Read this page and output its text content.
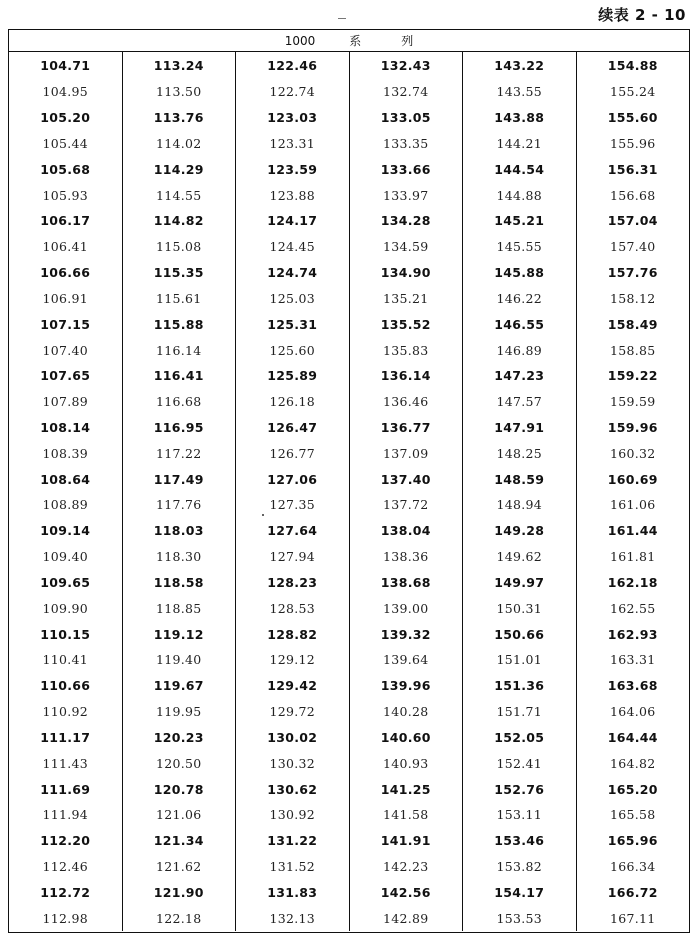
续表 2 - 10
1000	系	列
104.71
104.95
105.20
105.44
105.68
105.93
106.17
106.41
106.66
106.91
107.15
107.40
107.65
107.89
108.14
108.39
108.64
108.89
109.14
109.40
109.65
109.90
110.15
110.41
110.66
110.92
111.17
111.43
111.69
111.94
112.20
112.46
112.72
112.98
113.24
113.50
113.76
114.02
114.29
114.55
114.82
115.08
115.35
115.61
115.88
116.14
116.41
116.68
116.95
117.22
117.49
117.76
118.03
118.30
118.58
118.85
119.12
119.40
119.67
119.95
120.23
120.50
120.78
121.06
121.34
121.62
121.90
122.18
122.46
122.74
123.03
123.31
123.59
123.88
124.17
124.45
124.74
125.03
125.31
125.60
125.89
126.18
126.47
126.77
127.06
127.35
127.64
127.94
128.23
128.53
128.82
129.12
129.42
129.72
130.02
130.32
130.62
130.92
131.22
131.52
131.83
132.13
132.43
132.74
133.05
133.35
133.66
133.97
134.28
134.59
134.90
135.21
135.52
135.83
136.14
136.46
136.77
137.09
137.40
137.72
138.04
138.36
138.68
139.00
139.32
139.64
139.96
140.28
140.60
140.93
141.25
141.58
141.91
142.23
142.56
142.89
143.22
143.55
143.88
144.21
144.54
144.88
145.21
145.55
145.88
146.22
146.55
146.89
147.23
147.57
147.91
148.25
148.59
148.94
149.28
149.62
149.97
150.31
150.66
151.01
151.36
151.71
152.05
152.41
152.76
153.11
153.46
153.82
154.17
153.53
154.88
155.24
155.60
155.96
156.31
156.68
157.04
157.40
157.76
158.12
158.49
158.85
159.22
159.59
159.96
160.32
160.69
161.06
161.44
161.81
162.18
162.55
162.93
163.31
163.68
164.06
164.44
164.82
165.20
165.58
165.96
166.34
166.72
167.11
